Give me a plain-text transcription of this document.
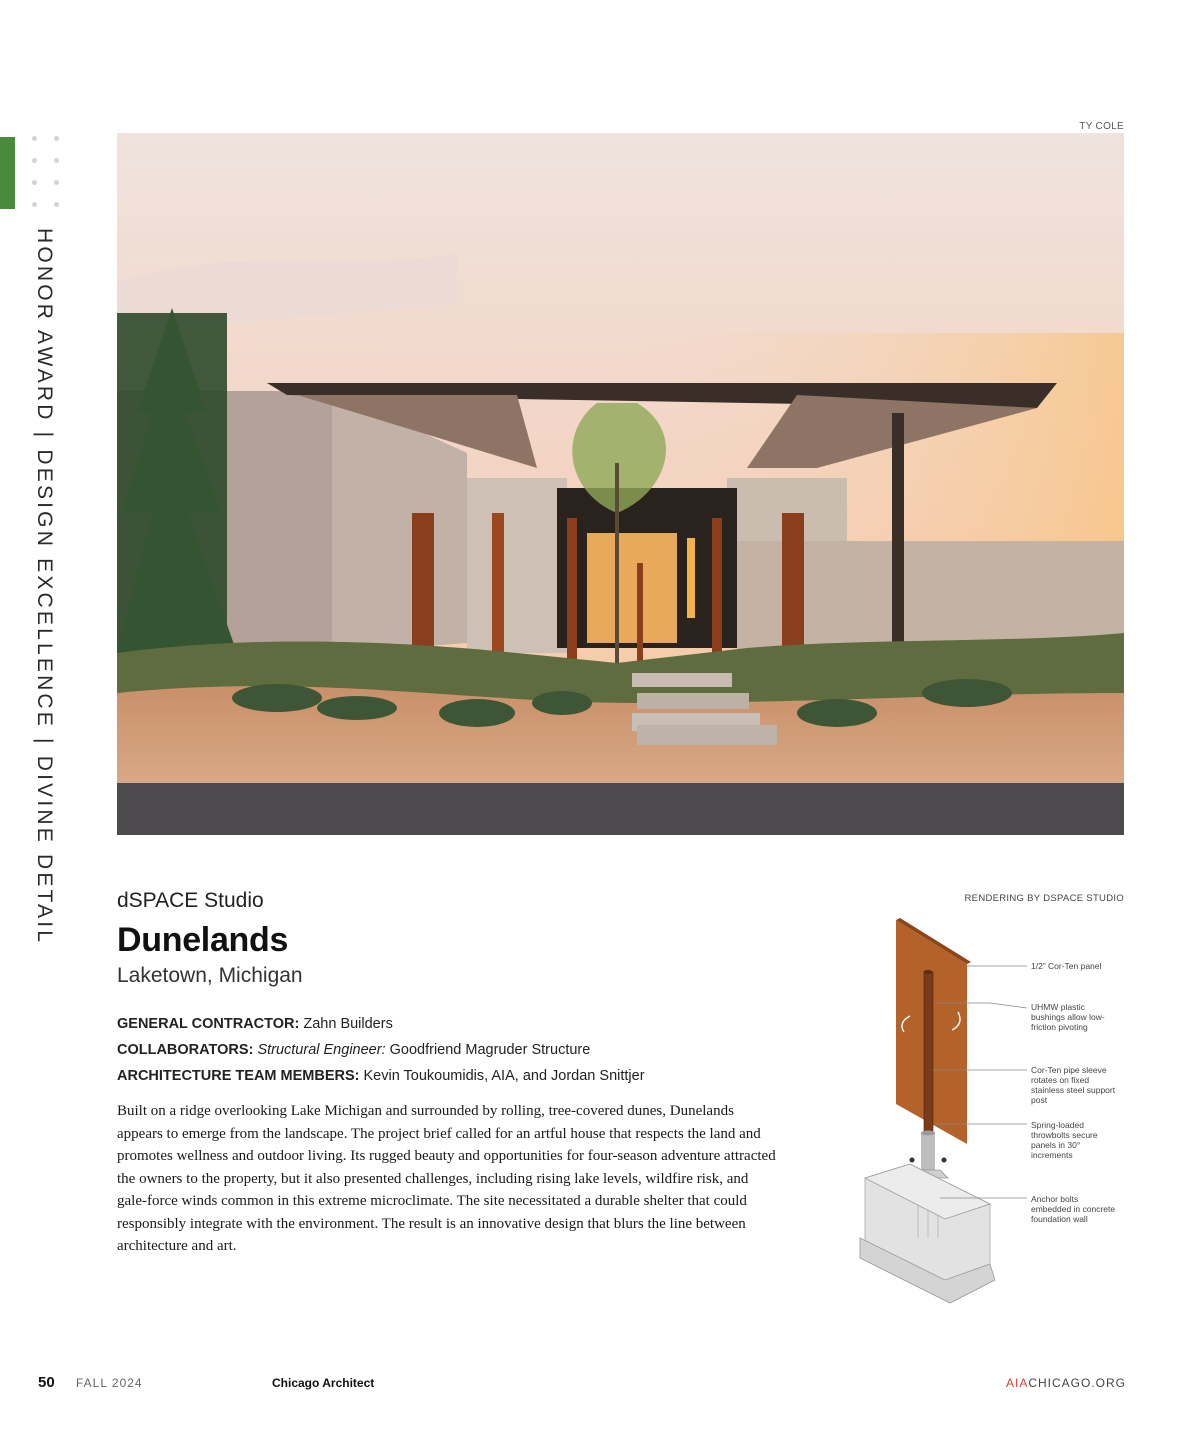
HONOR AWARD | DESIGN EXCELLENCE | DIVINE DETAIL
TY COLE
dSPACE Studio
Dunelands
Laketown, Michigan
GENERAL CONTRACTOR: Zahn Builders
COLLABORATORS: Structural Engineer: Goodfriend Magruder Structure
ARCHITECTURE TEAM MEMBERS: Kevin Toukoumidis, AIA, and Jordan Snittjer
Built on a ridge overlooking Lake Michigan and surrounded by rolling, tree-covered dunes, Dunelands appears to emerge from the landscape. The project brief called for an artful house that respects the land and promotes wellness and outdoor living. Its rugged beauty and opportunities for four-season adventure attracted the owners to the property, but it also presented challenges, including rising lake levels, wildfire risk, and gale-force winds common in this extreme microclimate. The site necessitated a durable shelter that could responsibly integrate with the environment. The result is an innovative design that blurs the line between architecture and art.
RENDERING BY DSPACE STUDIO
1/2” Cor-Ten panel
UHMW plastic bushings allow low-friction pivoting
Cor-Ten pipe sleeve rotates on fixed stainless steel support post
Spring-loaded throwbolts secure panels in 30° increments
Anchor bolts embedded in concrete foundation wall
50 FALL 2024	Chicago Architect	AIACHICAGO.ORG
